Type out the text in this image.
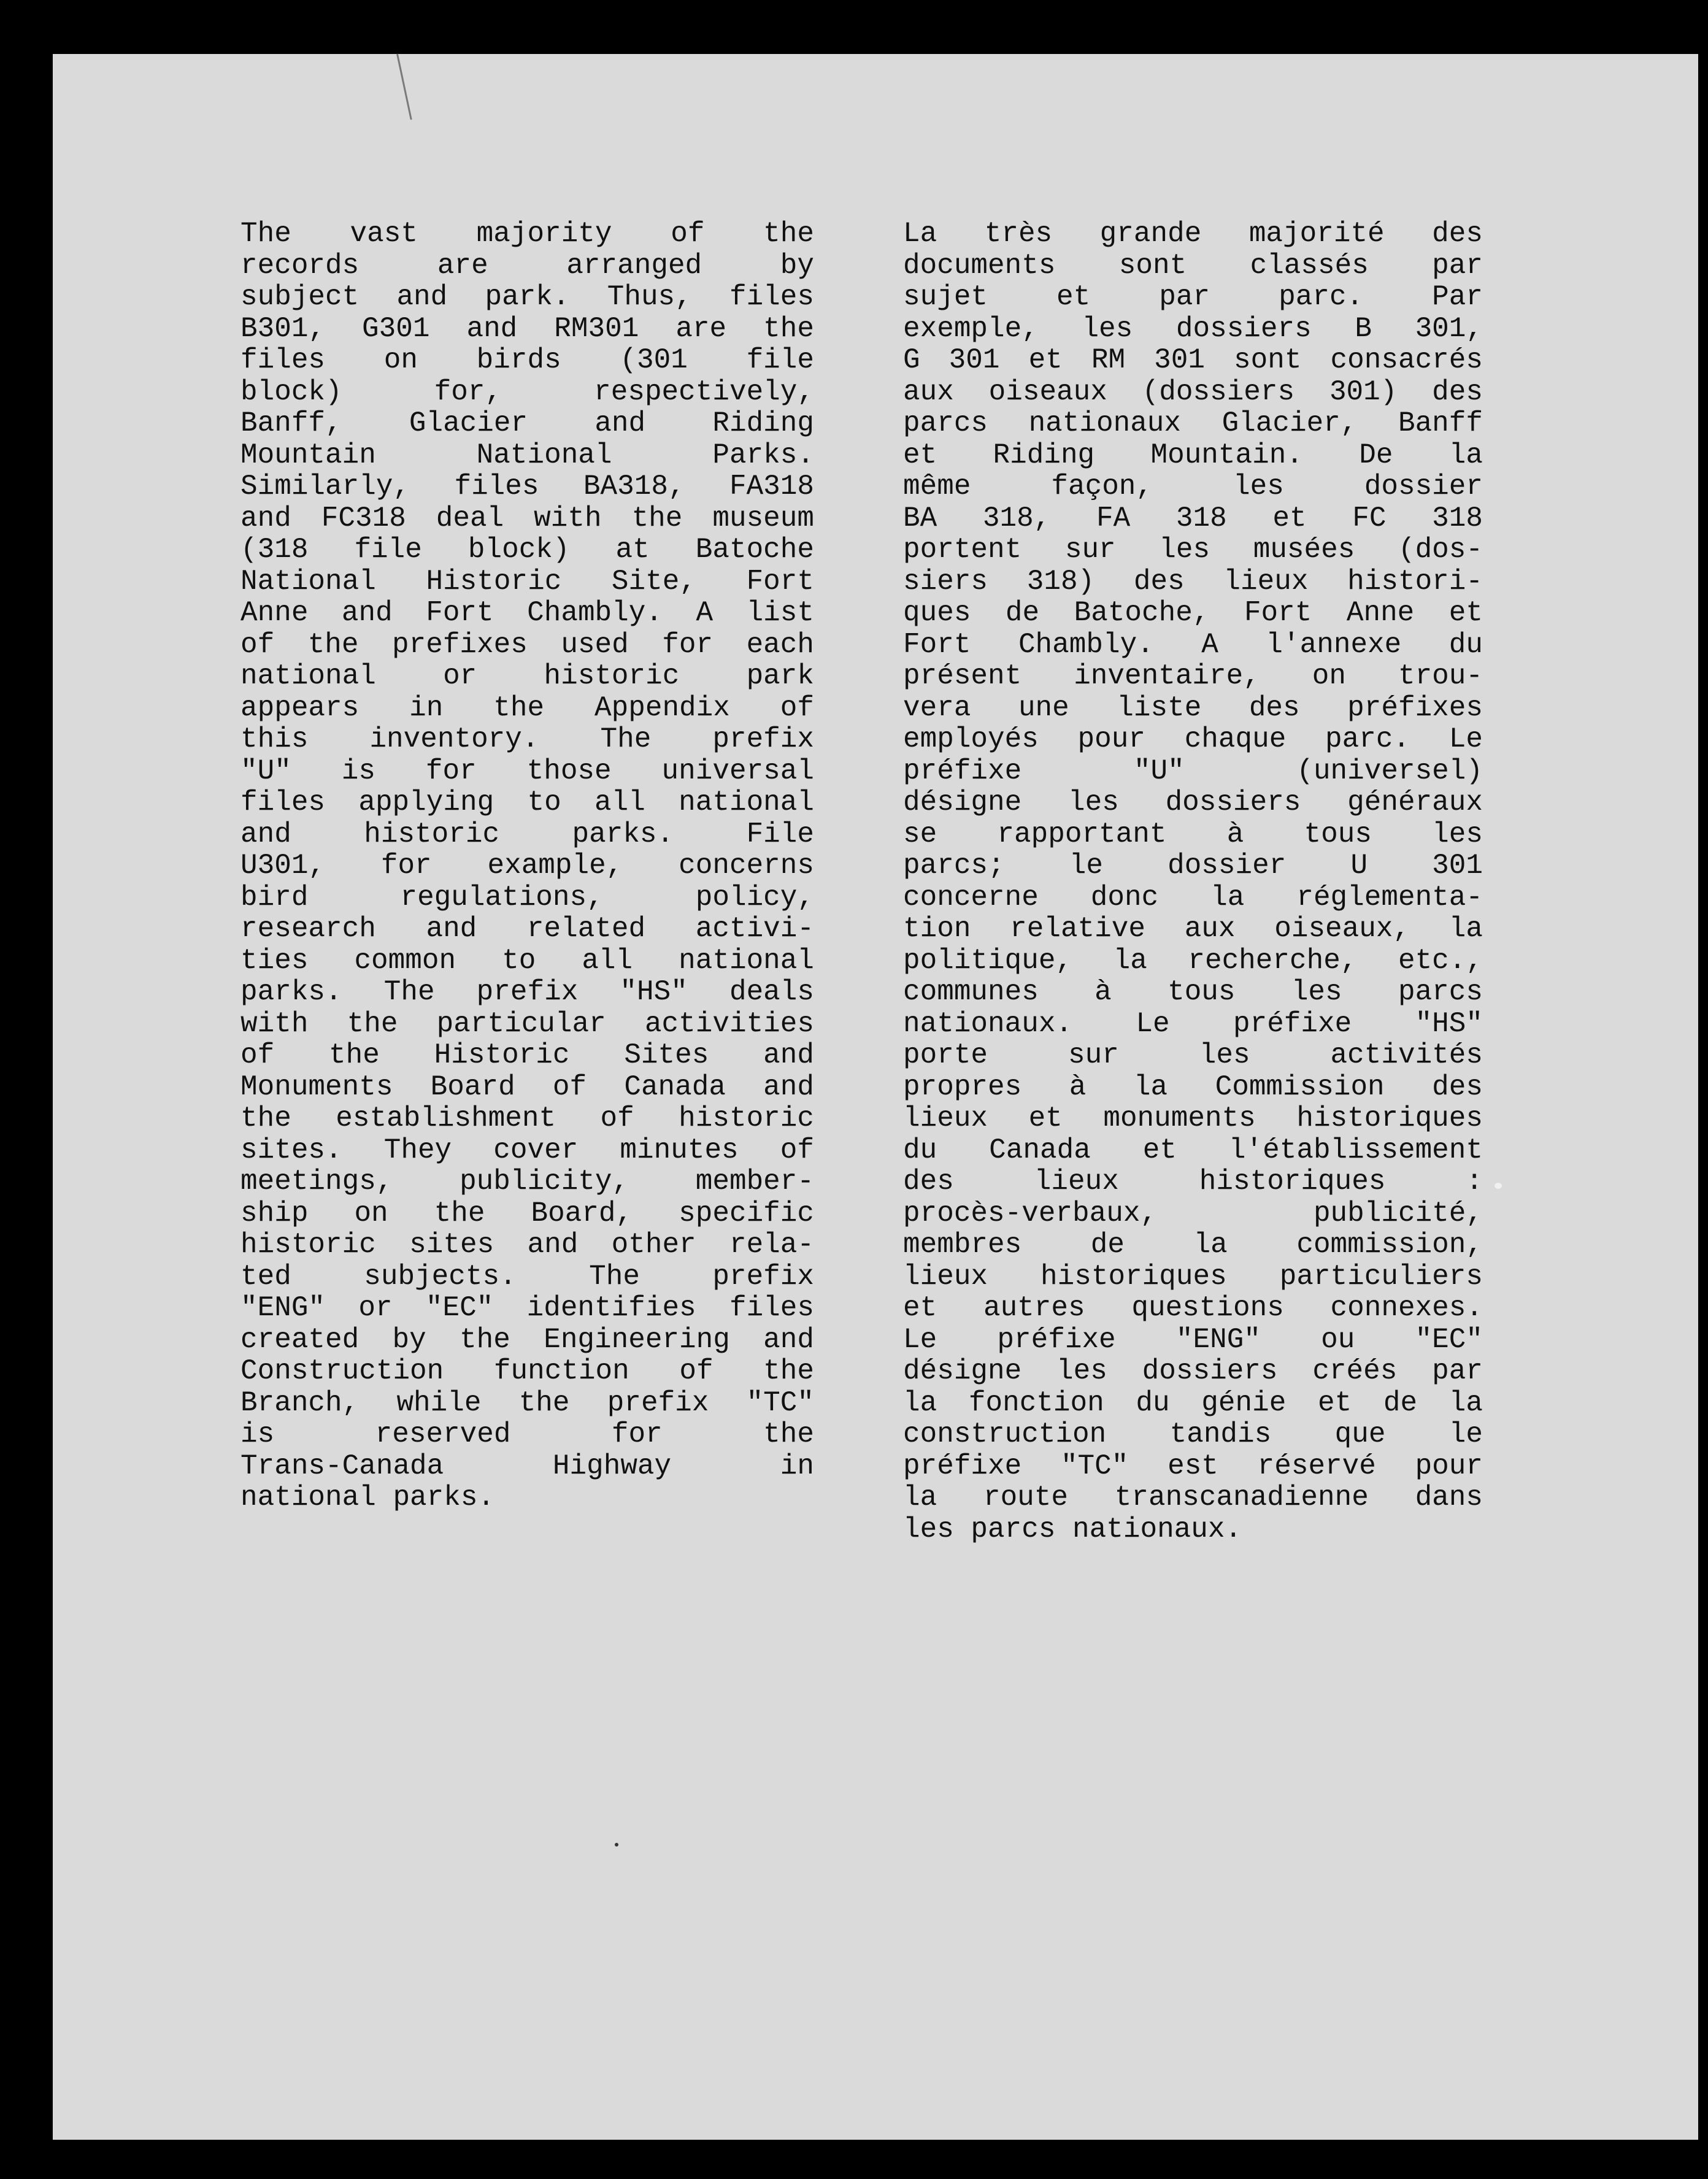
The vast majority of the
records are arranged by
subject and park. Thus, files
B301, G301 and RM301 are the
files on birds (301 file
block) for, respectively,
Banff, Glacier and Riding
Mountain National Parks.
Similarly, files BA318, FA318
and FC318 deal with the museum
(318 file block) at Batoche
National Historic Site, Fort
Anne and Fort Chambly. A list
of the prefixes used for each
national or historic park
appears in the Appendix of
this inventory. The prefix
"U" is for those universal
files applying to all national
and historic parks. File
U301, for example, concerns
bird regulations, policy,
research and related activi-
ties common to all national
parks. The prefix "HS" deals
with the particular activities
of the Historic Sites and
Monuments Board of Canada and
the establishment of historic
sites. They cover minutes of
meetings, publicity, member-
ship on the Board, specific
historic sites and other rela-
ted subjects. The prefix
"ENG" or "EC" identifies files
created by the Engineering and
Construction function of the
Branch, while the prefix "TC"
is reserved for the
Trans-Canada Highway in
national parks.
La très grande majorité des
documents sont classés par
sujet et par parc. Par
exemple, les dossiers B 301,
G 301 et RM 301 sont consacrés
aux oiseaux (dossiers 301) des
parcs nationaux Glacier, Banff
et Riding Mountain. De la
même façon, les dossier
BA 318, FA 318 et FC 318
portent sur les musées (dos-
siers 318) des lieux histori-
ques de Batoche, Fort Anne et
Fort Chambly. A l'annexe du
présent inventaire, on trou-
vera une liste des préfixes
employés pour chaque parc. Le
préfixe "U" (universel)
désigne les dossiers généraux
se rapportant à tous les
parcs; le dossier U 301
concerne donc la réglementa-
tion relative aux oiseaux, la
politique, la recherche, etc.,
communes à tous les parcs
nationaux. Le préfixe "HS"
porte sur les activités
propres à la Commission des
lieux et monuments historiques
du Canada et l'établissement
des lieux historiques :
procès-verbaux, publicité,
membres de la commission,
lieux historiques particuliers
et autres questions connexes.
Le préfixe "ENG" ou "EC"
désigne les dossiers créés par
la fonction du génie et de la
construction tandis que le
préfixe "TC" est réservé pour
la route transcanadienne dans
les parcs nationaux.
